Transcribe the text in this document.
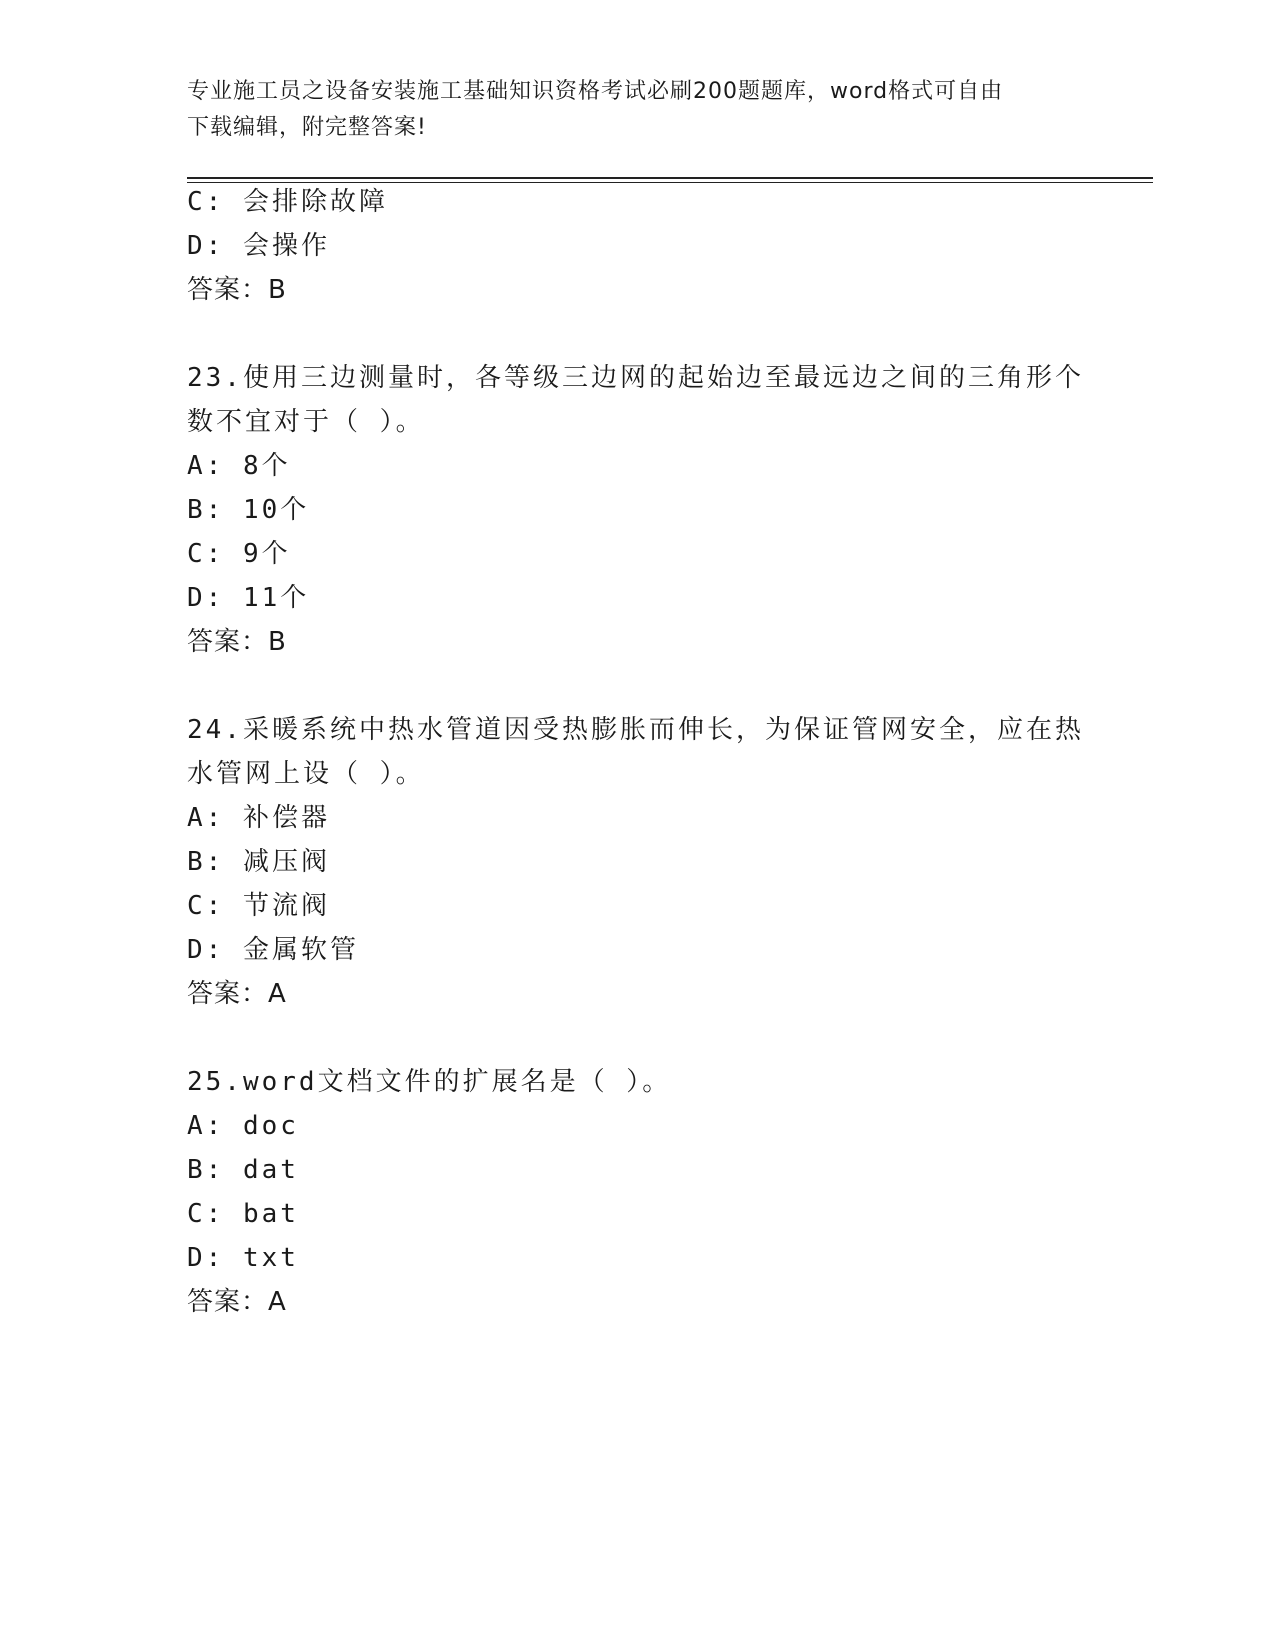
专业施工员之设备安装施工基础知识资格考试必刷200题题库，word格式可自由
下载编辑，附完整答案!
C: 会排除故障
D: 会操作
答案：B
23.使用三边测量时，各等级三边网的起始边至最远边之间的三角形个
数不宜对于（ ）。
A: 8个
B: 10个
C: 9个
D: 11个
答案：B
24.采暖系统中热水管道因受热膨胀而伸长，为保证管网安全，应在热
水管网上设（ ）。
A: 补偿器
B: 减压阀
C: 节流阀
D: 金属软管
答案：A
25.word文档文件的扩展名是（ ）。
A: doc
B: dat
C: bat
D: txt
答案：A
